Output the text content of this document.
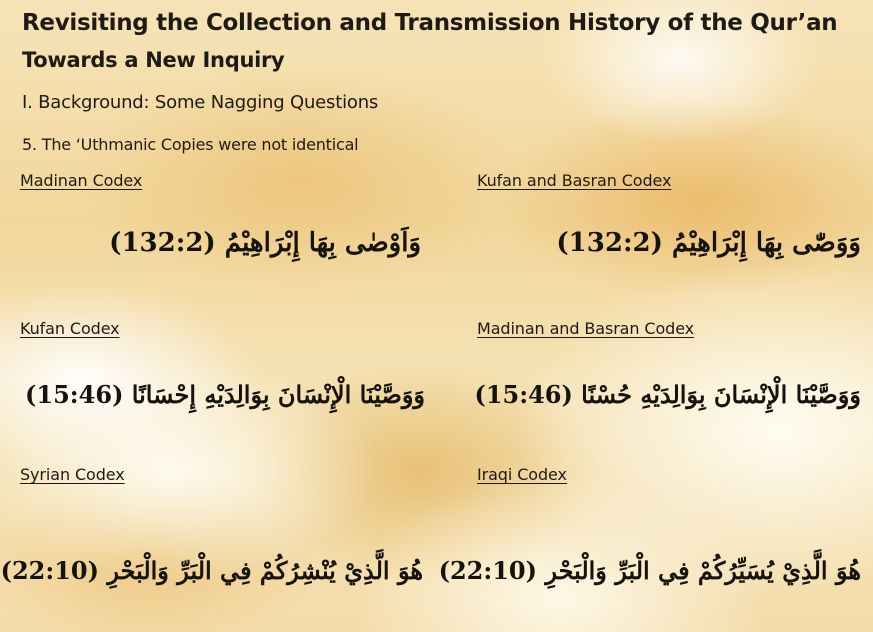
Revisiting the Collection and Transmission History of the Qur’an
Towards a New Inquiry
I. Background: Some Nagging Questions
5. The ‘Uthmanic Copies were not identical
Madinan Codex	Kufan and Basran Codex
وَاَوْصٰى بِهَا إِبْرَاهِيْمُ (132:2)	وَوَصّٰى بِهَا إِبْرَاهِيْمُ (132:2)
Kufan Codex	Madinan and Basran Codex
وَوَصَّيْنَا الْإِنْسَانَ بِوَالِدَيْهِ إِحْسَانًا (15:46) وَوَصَّيْنَا الْإِنْسَانَ بِوَالِدَيْهِ حُسْنًا (15:46)
Syrian Codex	Iraqi Codex
هُوَ الَّذِيْ يُنْشِرُكُمْ فِي الْبَرِّ وَالْبَحْرِ (22:10) هُوَ الَّذِيْ يُسَيِّرُكُمْ فِي الْبَرِّ وَالْبَحْرِ (22:10)
